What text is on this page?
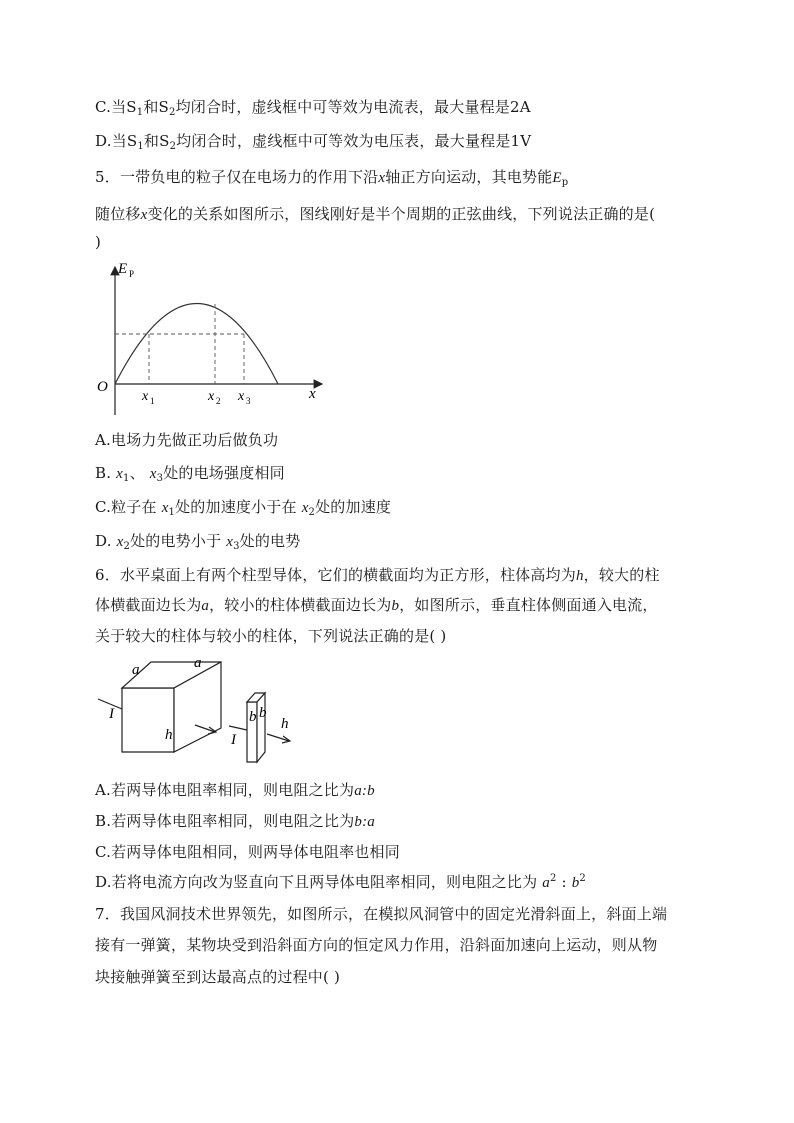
C.当$S_1$和$S_2$均闭合时，虚线框中可等效为电流表，最大量程是2A
D.当$S_1$和$S_2$均闭合时，虚线框中可等效为电压表，最大量程是1V
5．一带负电的粒子仅在电场力的作用下沿x轴正方向运动，其电势能$E_p$
随位移x变化的关系如图所示，图线刚好是半个周期的正弦曲线，下列说法正确的是(
)
E P
O	x
x 1	x 2 x 3
A.电场力先做正功后做负功
B. $x_1$、 $x_3$处的电场强度相同
C.粒子在 $x_1$处的加速度小于在 $x_2$处的加速度
D. $x_2$处的电势小于 $x_3$处的电势
6．水平桌面上有两个柱型导体，它们的横截面均为正方形，柱体高均为h，较大的柱
体横截面边长为a，较小的柱体横截面边长为b，如图所示，垂直柱体侧面通入电流，
关于较大的柱体与较小的柱体，下列说法正确的是( )
a	a
h
I	b b
h
I
A.若两导体电阻率相同，则电阻之比为a:b
B.若两导体电阻率相同，则电阻之比为b:a
C.若两导体电阻相同，则两导体电阻率也相同
D.若将电流方向改为竖直向下且两导体电阻率相同，则电阻之比为 $a^2$ : $b^2$
7．我国风洞技术世界领先，如图所示，在模拟风洞管中的固定光滑斜面上，斜面上端
接有一弹簧，某物块受到沿斜面方向的恒定风力作用，沿斜面加速向上运动，则从物
块接触弹簧至到达最高点的过程中( )
